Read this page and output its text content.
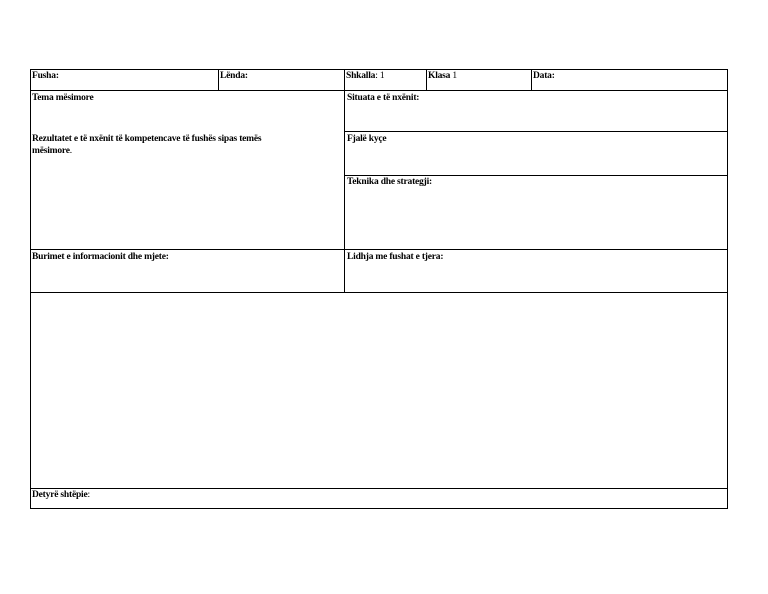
Fusha:	Lënda:	Shkalla: 1	Klasa 1	Data:
Tema mësimore
Rezultatet e të nxënit të kompetencave të fushës sipas temës
mësimore.
Burimet e informacionit dhe mjete:
Situata e të nxënit:
Fjalë kyçe
Teknika dhe strategji:
Lidhja me fushat e tjera:
Detyrë shtëpie:
